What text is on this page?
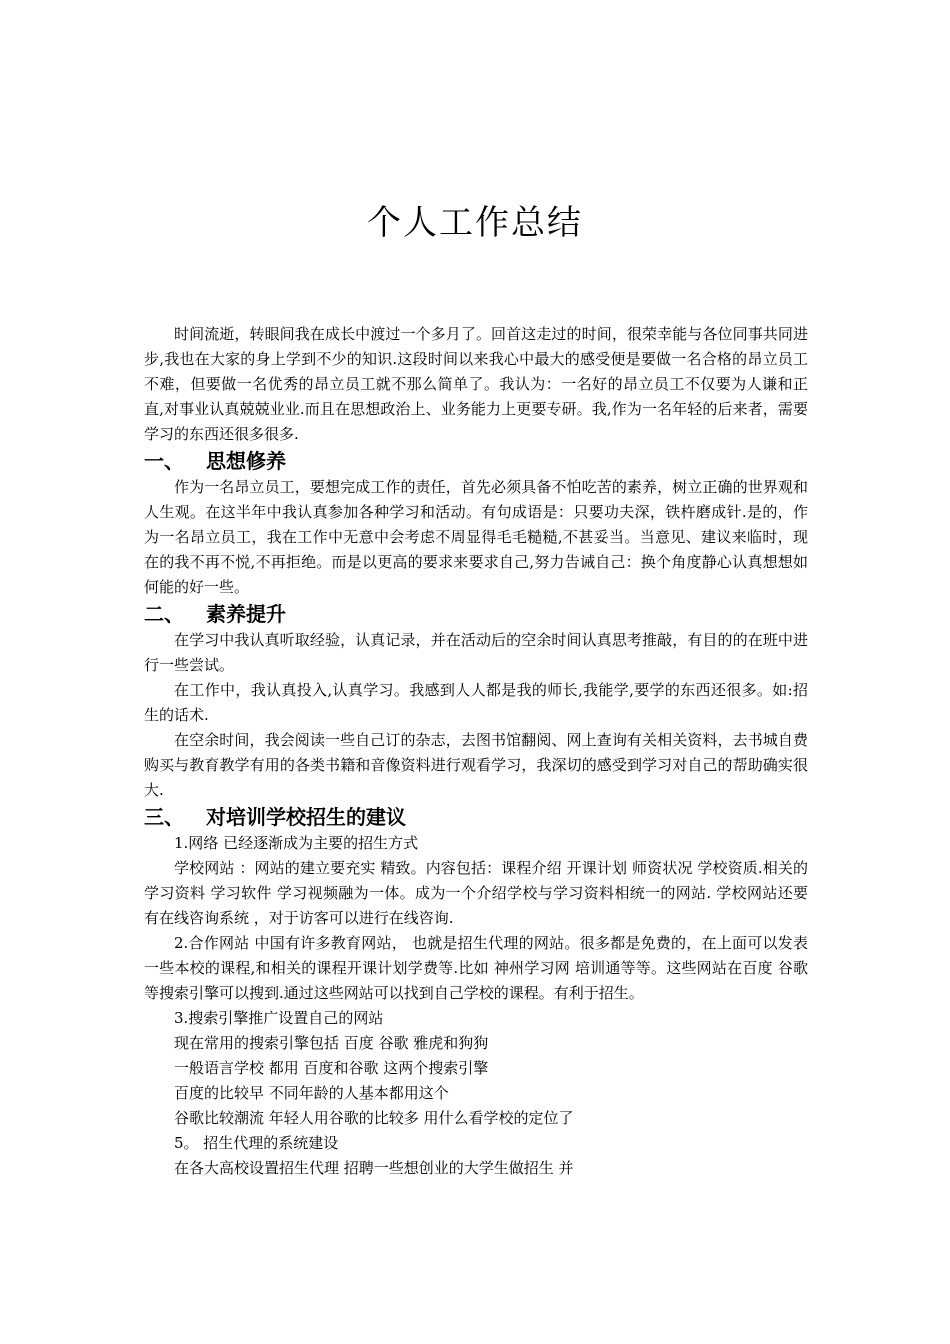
个人工作总结

时间流逝，转眼间我在成长中渡过一个多月了。回首这走过的时间，很荣幸能与各位同事共同进步,我也在大家的身上学到不少的知识.这段时间以来我心中最大的感受便是要做一名合格的昂立员工不难，但要做一名优秀的昂立员工就不那么简单了。我认为：一名好的昂立员工不仅要为人谦和正直,对事业认真兢兢业业.而且在思想政治上、业务能力上更要专研。我,作为一名年轻的后来者，需要学习的东西还很多很多.

一、 思想修养

作为一名昂立员工，要想完成工作的责任，首先必须具备不怕吃苦的素养，树立正确的世界观和人生观。在这半年中我认真参加各种学习和活动。有句成语是：只要功夫深，铁杵磨成针.是的，作为一名昂立员工，我在工作中无意中会考虑不周显得毛毛糙糙,不甚妥当。当意见、建议来临时，现在的我不再不悦,不再拒绝。而是以更高的要求来要求自己,努力告诫自己：换个角度静心认真想想如何能的好一些。

二、 素养提升

在学习中我认真听取经验，认真记录，并在活动后的空余时间认真思考推敲，有目的的在班中进行一些尝试。

在工作中，我认真投入,认真学习。我感到人人都是我的师长,我能学,要学的东西还很多。如:招生的话术.

在空余时间，我会阅读一些自己订的杂志，去图书馆翻阅、网上查询有关相关资料，去书城自费购买与教育教学有用的各类书籍和音像资料进行观看学习，我深切的感受到学习对自己的帮助确实很大.

三、 对培训学校招生的建议

1.网络 已经逐渐成为主要的招生方式

学校网站 ：网站的建立要充实 精致。内容包括：课程介绍 开课计划 师资状况 学校资质.相关的学习资料 学习软件 学习视频融为一体。成为一个介绍学校与学习资料相统一的网站. 学校网站还要有在线咨询系统 ，对于访客可以进行在线咨询.

2.合作网站 中国有许多教育网站， 也就是招生代理的网站。很多都是免费的，在上面可以发表一些本校的课程,和相关的课程开课计划学费等.比如 神州学习网 培训通等等。这些网站在百度 谷歌等搜索引擎可以搜到.通过这些网站可以找到自己学校的课程。有利于招生。

3.搜索引擎推广设置自己的网站

现在常用的搜索引擎包括 百度 谷歌 雅虎和狗狗

一般语言学校 都用 百度和谷歌 这两个搜索引擎

百度的比较早 不同年龄的人基本都用这个

谷歌比较潮流 年轻人用谷歌的比较多 用什么看学校的定位了

5。 招生代理的系统建设

在各大高校设置招生代理 招聘一些想创业的大学生做招生 并
